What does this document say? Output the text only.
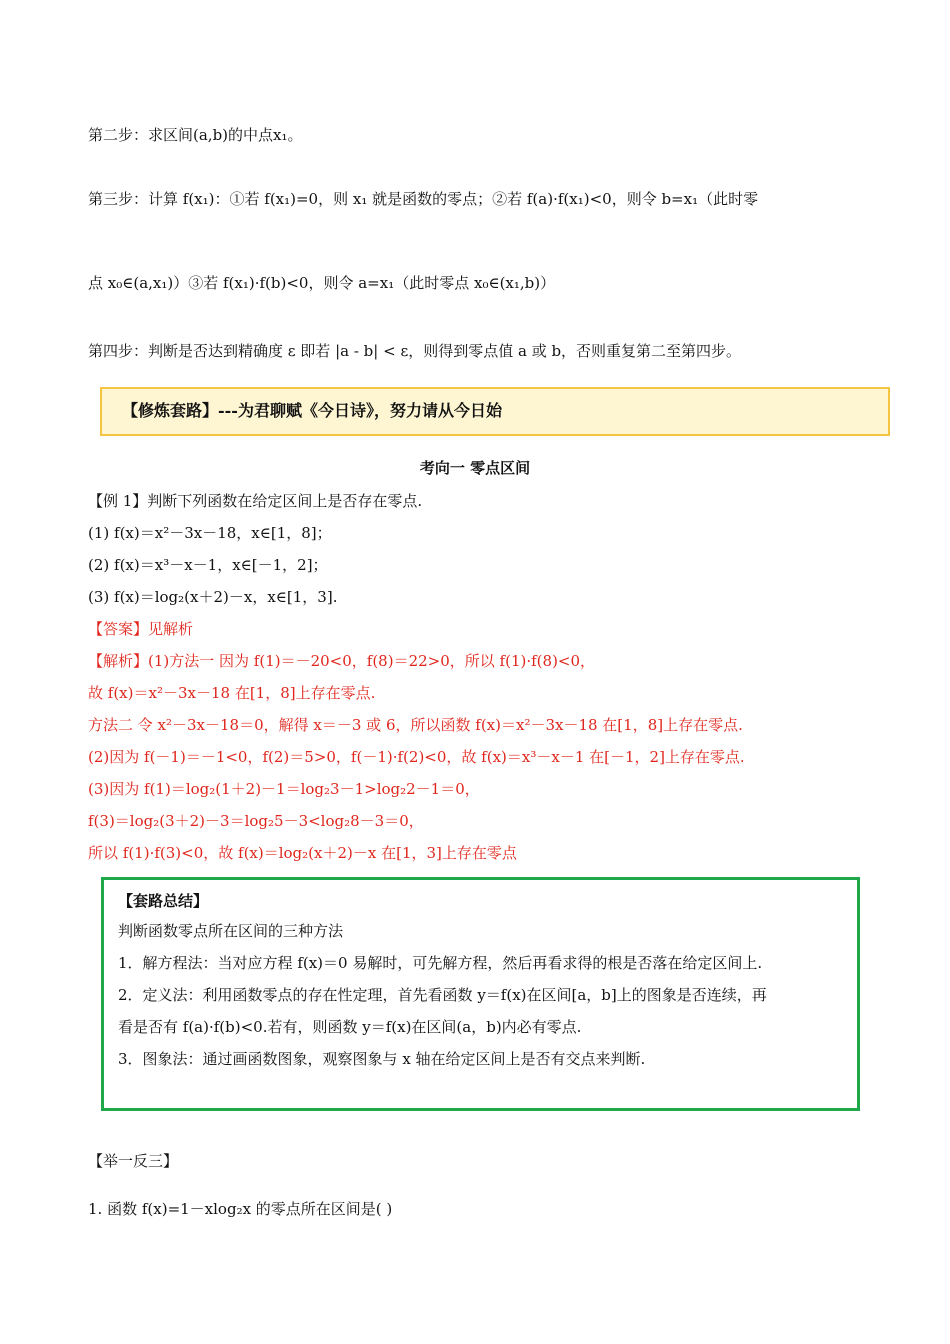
第二步：求区间(a,b)的中点x₁。
第三步：计算 f(x₁)：①若 f(x₁)=0，则 x₁ 就是函数的零点；②若 f(a)·f(x₁)<0，则令 b=x₁（此时零
点 x₀∈(a,x₁)）③若 f(x₁)·f(b)<0，则令 a=x₁（此时零点 x₀∈(x₁,b)）
第四步：判断是否达到精确度 ε 即若 |a - b| < ε，则得到零点值 a 或 b，否则重复第二至第四步。
【修炼套路】---为君聊赋《今日诗》，努力请从今日始
考向一 零点区间
【例 1】判断下列函数在给定区间上是否存在零点.
(1) f(x)＝x²－3x－18，x∈[1，8]；
(2) f(x)＝x³－x－1，x∈[－1，2]；
(3) f(x)＝log₂(x＋2)－x，x∈[1，3].
【答案】见解析
【解析】(1)方法一 因为 f(1)＝－20<0，f(8)＝22>0，所以 f(1)·f(8)<0，
故 f(x)＝x²－3x－18 在[1，8]上存在零点.
方法二 令 x²－3x－18＝0，解得 x＝－3 或 6，所以函数 f(x)＝x²－3x－18 在[1，8]上存在零点.
(2)因为 f(－1)＝－1<0，f(2)＝5>0，f(－1)·f(2)<0，故 f(x)＝x³－x－1 在[－1，2]上存在零点.
(3)因为 f(1)＝log₂(1＋2)－1＝log₂3－1>log₂2－1＝0，
f(3)＝log₂(3＋2)－3＝log₂5－3<log₂8－3＝0，
所以 f(1)·f(3)<0，故 f(x)＝log₂(x＋2)－x 在[1，3]上存在零点
【套路总结】
判断函数零点所在区间的三种方法
1．解方程法：当对应方程 f(x)＝0 易解时，可先解方程，然后再看求得的根是否落在给定区间上.
2．定义法：利用函数零点的存在性定理，首先看函数 y＝f(x)在区间[a，b]上的图象是否连续，再
看是否有 f(a)·f(b)<0.若有，则函数 y＝f(x)在区间(a，b)内必有零点.
3．图象法：通过画函数图象，观察图象与 x 轴在给定区间上是否有交点来判断.
【举一反三】
1. 函数 f(x)=1－xlog₂x 的零点所在区间是( )
